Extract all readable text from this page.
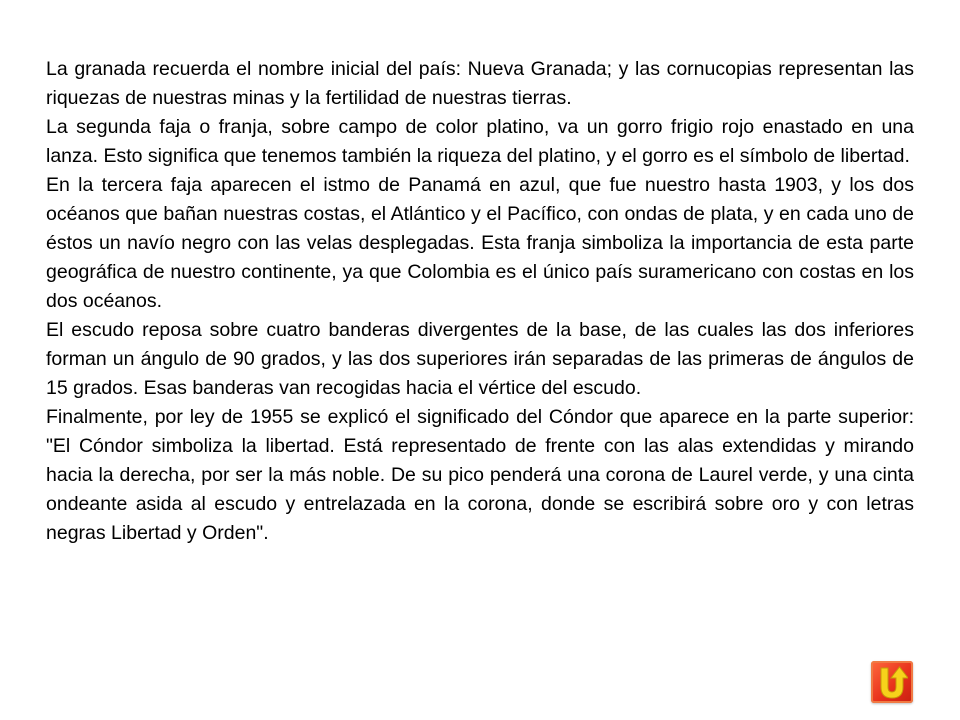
La granada recuerda el nombre inicial del país: Nueva Granada; y las cornucopias representan las riquezas de nuestras minas y la fertilidad de nuestras tierras.

La segunda faja o franja, sobre campo de color platino, va un gorro frigio rojo enastado en una lanza. Esto significa que tenemos también la riqueza del platino, y el gorro es el símbolo de libertad.

En la tercera faja aparecen el istmo de Panamá en azul, que fue nuestro hasta 1903, y los dos océanos que bañan nuestras costas, el Atlántico y el Pacífico, con ondas de plata, y en cada uno de éstos un navío negro con las velas desplegadas. Esta franja simboliza la importancia de esta parte geográfica de nuestro continente, ya que Colombia es el único país suramericano con costas en los dos océanos.

El escudo reposa sobre cuatro banderas divergentes de la base, de las cuales las dos inferiores forman un ángulo de 90 grados, y las dos superiores irán separadas de las primeras de ángulos de 15 grados. Esas banderas van recogidas hacia el vértice del escudo.

Finalmente, por ley de 1955 se explicó el significado del Cóndor que aparece en la parte superior: "El Cóndor simboliza la libertad. Está representado de frente con las alas extendidas y mirando hacia la derecha, por ser la más noble. De su pico penderá una corona de Laurel verde, y una cinta ondeante asida al escudo y entrelazada en la corona, donde se escribirá sobre oro y con letras negras Libertad y Orden".
